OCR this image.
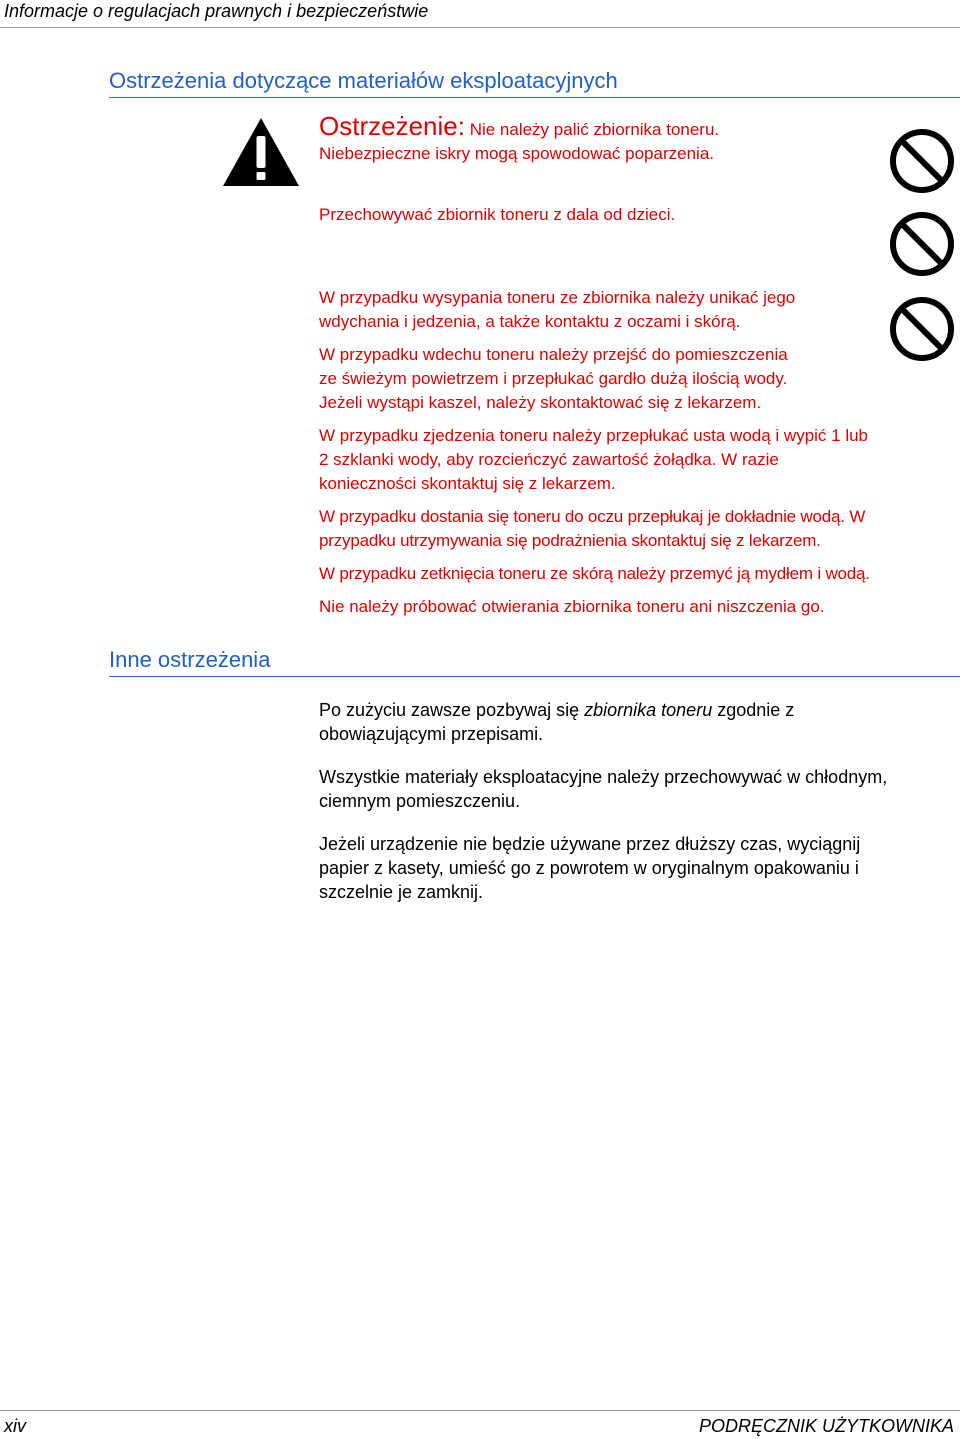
Informacje o regulacjach prawnych i bezpieczeństwie
Ostrzeżenia dotyczące materiałów eksploatacyjnych
Ostrzeżenie: Nie należy palić zbiornika toneru.
Niebezpieczne iskry mogą spowodować poparzenia.
Przechowywać zbiornik toneru z dala od dzieci.
W przypadku wysypania toneru ze zbiornika należy unikać jego
wdychania i jedzenia, a także kontaktu z oczami i skórą.
W przypadku wdechu toneru należy przejść do pomieszczenia
ze świeżym powietrzem i przepłukać gardło dużą ilością wody.
Jeżeli wystąpi kaszel, należy skontaktować się z lekarzem.
W przypadku zjedzenia toneru należy przepłukać usta wodą i wypić 1 lub
2 szklanki wody, aby rozcieńczyć zawartość żołądka. W razie
konieczności skontaktuj się z lekarzem.
W przypadku dostania się toneru do oczu przepłukaj je dokładnie wodą. W
przypadku utrzymywania się podrażnienia skontaktuj się z lekarzem.
W przypadku zetknięcia toneru ze skórą należy przemyć ją mydłem i wodą.
Nie należy próbować otwierania zbiornika toneru ani niszczenia go.
Inne ostrzeżenia
Po zużyciu zawsze pozbywaj się zbiornika toneru zgodnie z
obowiązującymi przepisami.
Wszystkie materiały eksploatacyjne należy przechowywać w chłodnym,
ciemnym pomieszczeniu.
Jeżeli urządzenie nie będzie używane przez dłuższy czas, wyciągnij
papier z kasety, umieść go z powrotem w oryginalnym opakowaniu i
szczelnie je zamknij.
xiv	PODRĘCZNIK UŻYTKOWNIKA
